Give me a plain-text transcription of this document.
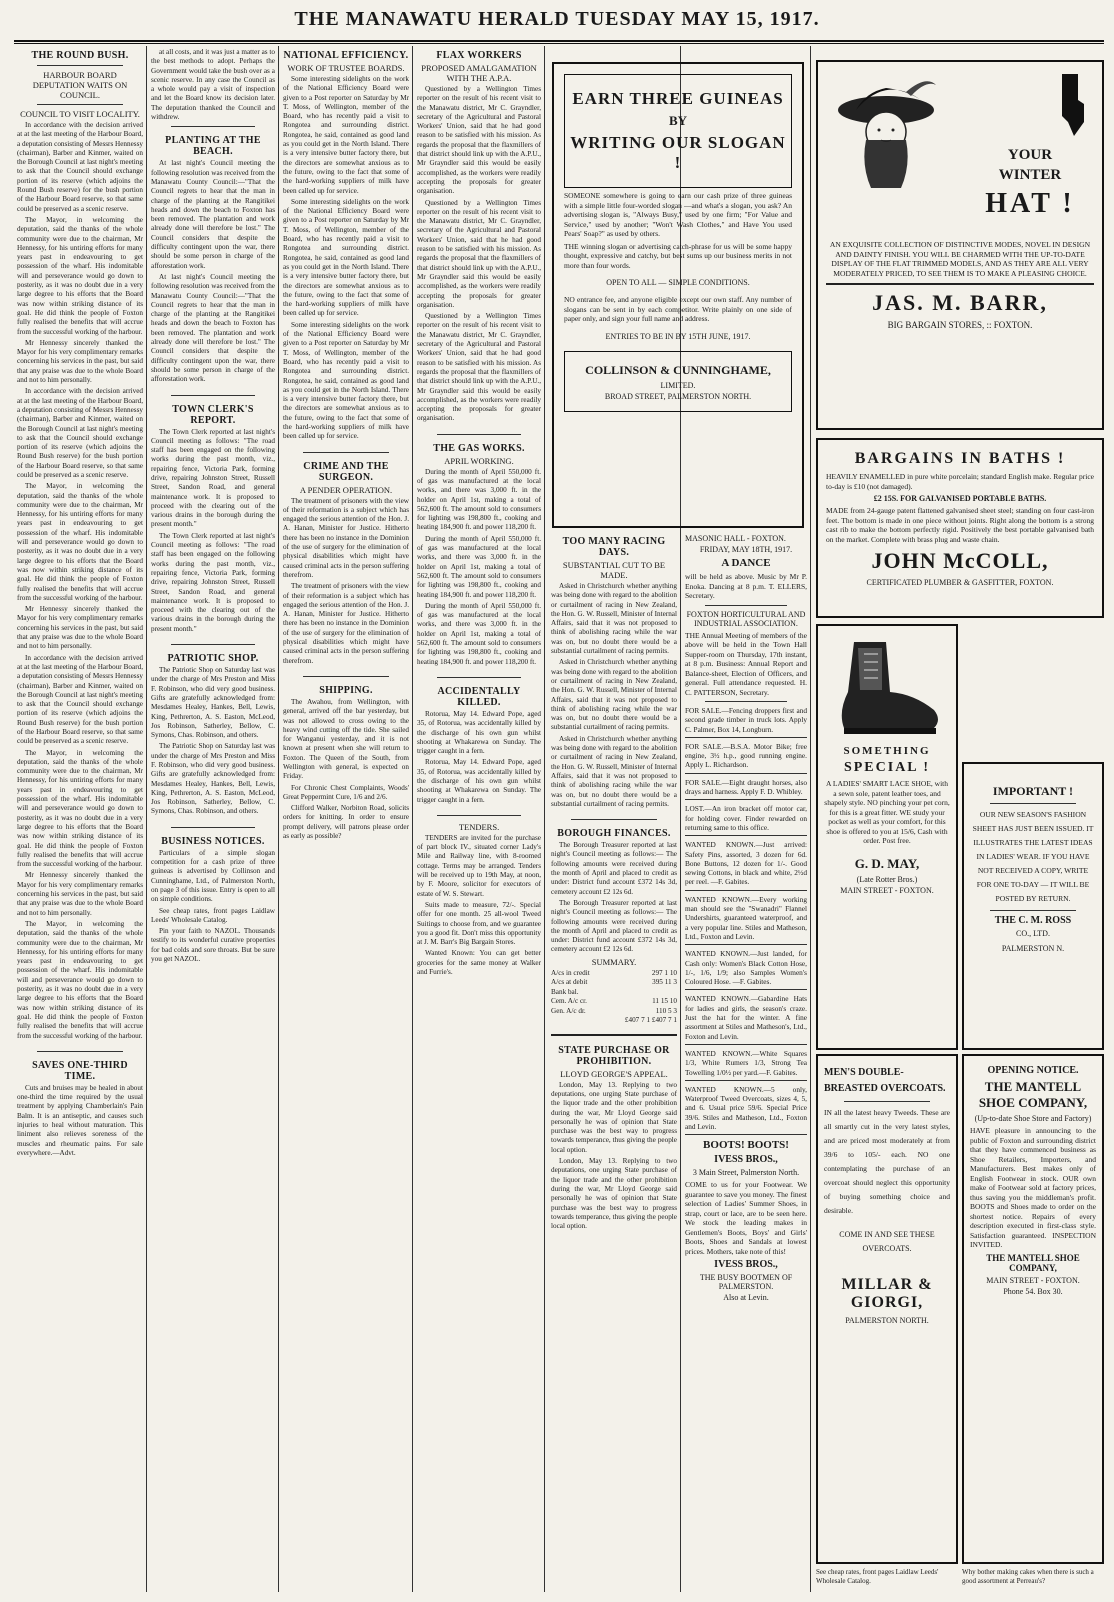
THE MANAWATU HERALD TUESDAY MAY 15, 1917.
THE ROUND BUSH.
HARBOUR BOARD DEPUTATION WAITS ON COUNCIL.
COUNCIL TO VISIT LOCALITY.

In accordance with the decision arrived at at the last meeting of the Harbour Board, a deputation consisting of Messrs Hennessy (chairman), Barber and Kinmer, waited on the Borough Council at last night's meeting to ask that the Council should exchange portion of its reserve (which adjoins the Round Bush reserve) for the bush portion of the Harbour Board reserve, so that same could be preserved as a scenic reserve.

The Mayor, in welcoming the deputation, said the thanks of the whole community were due to the chairman, Mr Hennessy, for his untiring efforts for many years past in endeavouring to get possession of the wharf. His indomitable will and perseverance would go down to posterity, as it was no doubt due in a very large degree to his efforts that the Board was now within striking distance of its goal. He did think the people of Foxton fully realised the benefits that will accrue from the successful working of the harbour.

Mr Hennessy sincerely thanked the Mayor for his very complimentary remarks concerning his services in the past, but said that any praise was due to the whole Board and not to him personally.

In accordance with the decision arrived at at the last meeting of the Harbour Board, a deputation consisting of Messrs Hennessy (chairman), Barber and Kinmer, waited on the Borough Council at last night's meeting to ask that the Council should exchange portion of its reserve (which adjoins the Round Bush reserve) for the bush portion of the Harbour Board reserve, so that same could be preserved as a scenic reserve.

The Mayor, in welcoming the deputation, said the thanks of the whole community were due to the chairman, Mr Hennessy, for his untiring efforts for many years past in endeavouring to get possession of the wharf. His indomitable will and perseverance would go down to posterity, as it was no doubt due in a very large degree to his efforts that the Board was now within striking distance of its goal. He did think the people of Foxton fully realised the benefits that will accrue from the successful working of the harbour.

Mr Hennessy sincerely thanked the Mayor for his very complimentary remarks concerning his services in the past, but said that any praise was due to the whole Board and not to him personally.

In accordance with the decision arrived at at the last meeting of the Harbour Board, a deputation consisting of Messrs Hennessy (chairman), Barber and Kinmer, waited on the Borough Council at last night's meeting to ask that the Council should exchange portion of its reserve (which adjoins the Round Bush reserve) for the bush portion of the Harbour Board reserve, so that same could be preserved as a scenic reserve.

The Mayor, in welcoming the deputation, said the thanks of the whole community were due to the chairman, Mr Hennessy, for his untiring efforts for many years past in endeavouring to get possession of the wharf. His indomitable will and perseverance would go down to posterity, as it was no doubt due in a very large degree to his efforts that the Board was now within striking distance of its goal. He did think the people of Foxton fully realised the benefits that will accrue from the successful working of the harbour.

Mr Hennessy sincerely thanked the Mayor for his very complimentary remarks concerning his services in the past, but said that any praise was due to the whole Board and not to him personally.

The Mayor, in welcoming the deputation, said the thanks of the whole community were due to the chairman, Mr Hennessy, for his untiring efforts for many years past in endeavouring to get possession of the wharf. His indomitable will and perseverance would go down to posterity, as it was no doubt due in a very large degree to his efforts that the Board was now within striking distance of its goal. He did think the people of Foxton fully realised the benefits that will accrue from the successful working of the harbour.

SAVES ONE-THIRD TIME.

Cuts and bruises may be healed in about one-third the time required by the usual treatment by applying Chamberlain's Pain Balm. It is an antiseptic, and causes such injuries to heal without maturation. This liniment also relieves soreness of the muscles and rheumatic pains. For sale everywhere.—Advt.

at all costs, and it was just a matter as to the best methods to adopt. Perhaps the Government would take the bush over as a scenic reserve. In any case the Council as a whole would pay a visit of inspection and let the Board know its decision later. The deputation thanked the Council and withdrew.

PLANTING AT THE BEACH.

At last night's Council meeting the following resolution was received from the Manawatu County Council:—"That the Council regrets to hear that the man in charge of the planting at the Rangitikei heads and down the beach to Foxton has been removed. The plantation and work already done will therefore be lost." The Council considers that despite the difficulty contingent upon the war, there should be some person in charge of the afforestation work.

At last night's Council meeting the following resolution was received from the Manawatu County Council:—"That the Council regrets to hear that the man in charge of the planting at the Rangitikei heads and down the beach to Foxton has been removed. The plantation and work already done will therefore be lost." The Council considers that despite the difficulty contingent upon the war, there should be some person in charge of the afforestation work.

TOWN CLERK'S REPORT.

The Town Clerk reported at last night's Council meeting as follows: "The road staff has been engaged on the following works during the past month, viz., repairing fence, Victoria Park, forming drive, repairing Johnston Street, Russell Street, Sandon Road, and general maintenance work. It is proposed to proceed with the clearing out of the various drains in the borough during the present month."

The Town Clerk reported at last night's Council meeting as follows: "The road staff has been engaged on the following works during the past month, viz., repairing fence, Victoria Park, forming drive, repairing Johnston Street, Russell Street, Sandon Road, and general maintenance work. It is proposed to proceed with the clearing out of the various drains in the borough during the present month."

PATRIOTIC SHOP.

The Patriotic Shop on Saturday last was under the charge of Mrs Preston and Miss F. Robinson, who did very good business. Gifts are gratefully acknowledged from: Mesdames Healey, Hankes, Bell, Lewis, King, Pethrerton, A. S. Easton, McLeod, Jos Robinson, Satherley, Bellow, C. Symons, Chas. Robinson, and others.

The Patriotic Shop on Saturday last was under the charge of Mrs Preston and Miss F. Robinson, who did very good business. Gifts are gratefully acknowledged from: Mesdames Healey, Hankes, Bell, Lewis, King, Pethrerton, A. S. Easton, McLeod, Jos Robinson, Satherley, Bellow, C. Symons, Chas. Robinson, and others.

BUSINESS NOTICES.

Particulars of a simple slogan competition for a cash prize of three guineas is advertised by Collinson and Cunninghame, Ltd., of Palmerston North, on page 3 of this issue. Entry is open to all on simple conditions.

See cheap rates, front pages Laidlaw Leeds' Wholesale Catalog.

Pin your faith to NAZOL. Thousands testify to its wonderful curative properties for bad colds and sore throats. But be sure you get NAZOL.

NATIONAL EFFICIENCY.
WORK OF TRUSTEE BOARDS.

Some interesting sidelights on the work of the National Efficiency Board were given to a Post reporter on Saturday by Mr T. Moss, of Wellington, member of the Board, who has recently paid a visit to Rongotea and surrounding district. Rongotea, he said, contained as good land as you could get in the North Island. There is a very intensive butter factory there, but the directors are somewhat anxious as to the future, owing to the fact that some of the hard-working suppliers of milk have been called up for service.

Some interesting sidelights on the work of the National Efficiency Board were given to a Post reporter on Saturday by Mr T. Moss, of Wellington, member of the Board, who has recently paid a visit to Rongotea and surrounding district. Rongotea, he said, contained as good land as you could get in the North Island. There is a very intensive butter factory there, but the directors are somewhat anxious as to the future, owing to the fact that some of the hard-working suppliers of milk have been called up for service.

Some interesting sidelights on the work of the National Efficiency Board were given to a Post reporter on Saturday by Mr T. Moss, of Wellington, member of the Board, who has recently paid a visit to Rongotea and surrounding district. Rongotea, he said, contained as good land as you could get in the North Island. There is a very intensive butter factory there, but the directors are somewhat anxious as to the future, owing to the fact that some of the hard-working suppliers of milk have been called up for service.

CRIME AND THE SURGEON.
A PENDER OPERATION.

The treatment of prisoners with the view of their reformation is a subject which has engaged the serious attention of the Hon. J. A. Hanan, Minister for Justice. Hitherto there has been no instance in the Dominion of the use of surgery for the elimination of physical disabilities which might have caused criminal acts in the person suffering therefrom.

The treatment of prisoners with the view of their reformation is a subject which has engaged the serious attention of the Hon. J. A. Hanan, Minister for Justice. Hitherto there has been no instance in the Dominion of the use of surgery for the elimination of physical disabilities which might have caused criminal acts in the person suffering therefrom.

SHIPPING.

The Awahou, from Wellington, with general, arrived off the bar yesterday, but was not allowed to cross owing to the heavy wind cutting off the tide. She sailed for Wanganui yesterday, and it is not known at present when she will return to Foxton. The Queen of the South, from Wellington with general, is expected on Friday.

For Chronic Chest Complaints, Woods' Great Peppermint Cure, 1/6 and 2/6.

Clifford Walker, Norbiton Road, solicits orders for knitting. In order to ensure prompt delivery, will patrons please order as early as possible?

FLAX WORKERS
PROPOSED AMALGAMATION WITH THE A.P.A.

Questioned by a Wellington Times reporter on the result of his recent visit to the Manawatu district, Mr C. Grayndler, secretary of the Agricultural and Pastoral Workers' Union, said that he had good reason to be satisfied with his mission. As regards the proposal that the flaxmillers of that district should link up with the A.P.U., Mr Grayndler said this would be easily accomplished, as the workers were readily accepting the proposals for greater organisation.

Questioned by a Wellington Times reporter on the result of his recent visit to the Manawatu district, Mr C. Grayndler, secretary of the Agricultural and Pastoral Workers' Union, said that he had good reason to be satisfied with his mission. As regards the proposal that the flaxmillers of that district should link up with the A.P.U., Mr Grayndler said this would be easily accomplished, as the workers were readily accepting the proposals for greater organisation.

Questioned by a Wellington Times reporter on the result of his recent visit to the Manawatu district, Mr C. Grayndler, secretary of the Agricultural and Pastoral Workers' Union, said that he had good reason to be satisfied with his mission. As regards the proposal that the flaxmillers of that district should link up with the A.P.U., Mr Grayndler said this would be easily accomplished, as the workers were readily accepting the proposals for greater organisation.

THE GAS WORKS.
APRIL WORKING.

During the month of April 550,000 ft. of gas was manufactured at the local works, and there was 3,000 ft. in the holder on April 1st, making a total of 562,600 ft. The amount sold to consumers for lighting was 198,800 ft., cooking and heating 184,900 ft. and power 118,200 ft.

During the month of April 550,000 ft. of gas was manufactured at the local works, and there was 3,000 ft. in the holder on April 1st, making a total of 562,600 ft. The amount sold to consumers for lighting was 198,800 ft., cooking and heating 184,900 ft. and power 118,200 ft.

During the month of April 550,000 ft. of gas was manufactured at the local works, and there was 3,000 ft. in the holder on April 1st, making a total of 562,600 ft. The amount sold to consumers for lighting was 198,800 ft., cooking and heating 184,900 ft. and power 118,200 ft.

ACCIDENTALLY KILLED.

Rotorua, May 14. Edward Pope, aged 35, of Rotorua, was accidentally killed by the discharge of his own gun whilst shooting at Whakarewa on Sunday. The trigger caught in a fern.

Rotorua, May 14. Edward Pope, aged 35, of Rotorua, was accidentally killed by the discharge of his own gun whilst shooting at Whakarewa on Sunday. The trigger caught in a fern.

TENDERS.

TENDERS are invited for the purchase of part block IV., situated corner Lady's Mile and Railway line, with 8-roomed cottage. Terms may be arranged. Tenders will be received up to 19th May, at noon, by F. Moore, solicitor for executors of estate of W. S. Stewart.

Suits made to measure, 72/-. Special offer for one month. 25 all-wool Tweed Suitings to choose from, and we guarantee you a good fit. Don't miss this opportunity at J. M. Barr's Big Bargain Stores.

Wanted Known: You can get better groceries for the same money at Walker and Furrie's.

EARN THREE GUINEAS
BY
WRITING OUR SLOGAN !

SOMEONE somewhere is going to earn our cash prize of three guineas with a simple little four-worded slogan —and what's a slogan, you ask? An advertising slogan is, "Always Busy," used by one firm; "For Value and Service," used by another; "Won't Wash Clothes," and Have You used Pears' Soap?" as used by others.

THE winning slogan or advertising catch-phrase for us will be some happy thought, expressive and catchy, but best sums up our business merits in not more than four words.

OPEN TO ALL — SIMPLE CONDITIONS.

NO entrance fee, and anyone eligible except our own staff. Any number of slogans can be sent in by each competitor. Write plainly on one side of paper only, and sign your full name and address.

ENTRIES TO BE IN BY 15TH JUNE, 1917.
COLLINSON & CUNNINGHAME,
LIMITED.
BROAD STREET, PALMERSTON NORTH.
TOO MANY RACING DAYS.
SUBSTANTIAL CUT TO BE MADE.

Asked in Christchurch whether anything was being done with regard to the abolition or curtailment of racing in New Zealand, the Hon. G. W. Russell, Minister of Internal Affairs, said that it was not proposed to think of abolishing racing while the war was on, but no doubt there would be a substantial curtailment of racing permits.

Asked in Christchurch whether anything was being done with regard to the abolition or curtailment of racing in New Zealand, the Hon. G. W. Russell, Minister of Internal Affairs, said that it was not proposed to think of abolishing racing while the war was on, but no doubt there would be a substantial curtailment of racing permits.

Asked in Christchurch whether anything was being done with regard to the abolition or curtailment of racing in New Zealand, the Hon. G. W. Russell, Minister of Internal Affairs, said that it was not proposed to think of abolishing racing while the war was on, but no doubt there would be a substantial curtailment of racing permits.

BOROUGH FINANCES.

The Borough Treasurer reported at last night's Council meeting as follows:— The following amounts were received during the month of April and placed to credit as under: District fund account £372 14s 3d, cemetery account £2 12s 6d.

The Borough Treasurer reported at last night's Council meeting as follows:— The following amounts were received during the month of April and placed to credit as under: District fund account £372 14s 3d, cemetery account £2 12s 6d.

SUMMARY.
A/cs in credit	297 1 10
A/cs at debit	395 11 3
Bank bal.
Cem. A/c cr.	11 15 10
Gen. A/c dr.	110 5 3
£407 7 1 £407 7 1
STATE PURCHASE OR PROHIBITION.
LLOYD GEORGE'S APPEAL.

London, May 13. Replying to two deputations, one urging State purchase of the liquor trade and the other prohibition during the war, Mr Lloyd George said personally he was of opinion that State purchase was the best way to progress towards temperance, thus giving the people local option.

London, May 13. Replying to two deputations, one urging State purchase of the liquor trade and the other prohibition during the war, Mr Lloyd George said personally he was of opinion that State purchase was the best way to progress towards temperance, thus giving the people local option.

MASONIC HALL - FOXTON.
FRIDAY, MAY 18TH, 1917.
A DANCE

will be held as above. Music by Mr P. Enoka. Dancing at 8 p.m. T. ELLERS, Secretary.

FOXTON HORTICULTURAL AND INDUSTRIAL ASSOCIATION.

THE Annual Meeting of members of the above will be held in the Town Hall Supper-room on Thursday, 17th instant, at 8 p.m. Business: Annual Report and Balance-sheet, Election of Officers, and general. Full attendance requested. H. C. PATTERSON, Secretary.

FOR SALE.—Fencing droppers first and second grade timber in truck lots. Apply C. Palmer, Box 14, Longburn.

FOR SALE.—B.S.A. Motor Bike; free engine, 3½ h.p., good running engine. Apply L. Richardson.

FOR SALE.—Eight draught horses, also drays and harness. Apply F. D. Whibley.

LOST.—An iron bracket off motor car, for holding cover. Finder rewarded on returning same to this office.

WANTED KNOWN.—Just arrived: Safety Pins, assorted, 3 dozen for 6d. Bone Buttons, 12 dozen for 1/-. Good sewing Cottons, in black and white, 2½d per reel. —F. Gabites.

WANTED KNOWN.—Every working man should see the "Swanadri" Flannel Undershirts, guaranteed waterproof, and a very popular line. Stiles and Matheson, Ltd., Foxton and Levin.

WANTED KNOWN.—Just landed, for Cash only: Women's Black Cotton Hose, 1/-, 1/6, 1/9; also Samples Women's Coloured Hose. —F. Gabites.

WANTED KNOWN.—Gabardine Hats for ladies and girls, the season's craze. Just the hat for the winter. A fine assortment at Stiles and Matheson's, Ltd., Foxton and Levin.

WANTED KNOWN.—White Squares 1/3, White Rumers 1/3, Strong Tea Towelling 1/0½ per yard.—F. Gabites.

WANTED KNOWN.—5 only, Waterproof Tweed Overcoats, sizes 4, 5, and 6. Usual price 59/6. Special Price 39/6. Stiles and Matheson, Ltd., Foxton and Levin.

BOOTS! BOOTS!
IVESS BROS.,
3 Main Street, Palmerston North.

COME to us for your Footwear. We guarantee to save you money. The finest selection of Ladies' Summer Shoes, in strap, court or lace, are to be seen here. We stock the leading makes in Gentlemen's Boots, Boys' and Girls' Boots, Shoes and Sandals at lowest prices. Mothers, take note of this!

IVESS BROS.,
THE BUSY BOOTMEN OF PALMERSTON.
Also at Levin.
YOUR
WINTER
HAT !

AN EXQUISITE COLLECTION OF DISTINCTIVE MODES, NOVEL IN DESIGN AND DAINTY FINISH. YOU WILL BE CHARMED WITH THE UP-TO-DATE DISPLAY OF THE FLAT TRIMMED MODELS, AND AS THEY ARE ALL VERY MODERATELY PRICED, TO SEE THEM IS TO MAKE A PLEASING CHOICE.

JAS. M. BARR,
BIG BARGAIN STORES, :: FOXTON.
BARGAINS IN BATHS !

HEAVILY ENAMELLED in pure white porcelain; standard English make. Regular price to-day is £10 (not damaged).

£2 15S. FOR GALVANISED PORTABLE BATHS.

MADE from 24-gauge patent flattened galvanised sheet steel; standing on four cast-iron feet. The bottom is made in one piece without joints. Right along the bottom is a strong cast rib to make the bottom perfectly rigid. Positively the best portable galvanised bath on the market. Complete with brass plug and waste chain.

JOHN McCOLL,
CERTIFICATED PLUMBER & GASFITTER, FOXTON.
SOMETHING
SPECIAL !

A LADIES' SMART LACE SHOE, with a sewn sole, patent leather toes, and shapely style. NO pinching your pet corn, for this is a great fitter. WE study your pocket as well as your comfort, for this shoe is offered to you at 15/6, Cash with order. Post free.

G. D. MAY,
(Late Rotter Bros.)
MAIN STREET - FOXTON.
IMPORTANT !

OUR NEW SEASON'S FASHION SHEET HAS JUST BEEN ISSUED. IT ILLUSTRATES THE LATEST IDEAS IN LADIES' WEAR. IF YOU HAVE NOT RECEIVED A COPY, WRITE FOR ONE TO-DAY — IT WILL BE POSTED BY RETURN.

THE C. M. ROSS
CO., LTD.
PALMERSTON N.
MEN'S DOUBLE-BREASTED OVERCOATS.

IN all the latest heavy Tweeds. These are all smartly cut in the very latest styles, and are priced most moderately at from 39/6 to 105/- each. NO one contemplating the purchase of an overcoat should neglect this opportunity of buying something choice and desirable.

COME IN AND SEE THESE OVERCOATS.
MILLAR & GIORGI,
PALMERSTON NORTH.
OPENING NOTICE.
THE MANTELL SHOE COMPANY,
(Up-to-date Shoe Store and Factory)

HAVE pleasure in announcing to the public of Foxton and surrounding district that they have commenced business as Shoe Retailers, Importers, and Manufacturers. Best makes only of English Footwear in stock. OUR own make of Footwear sold at factory prices, thus saving you the middleman's profit. BOOTS and Shoes made to order on the shortest notice. Repairs of every description executed in first-class style. Satisfaction guaranteed. INSPECTION INVITED.

THE MANTELL SHOE COMPANY,
MAIN STREET - FOXTON.
Phone 54. Box 30.
See cheap rates, front pages Laidlaw Leeds' Wholesale Catalog.
Why bother making cakes when there is such a good assortment at Perreau's?
